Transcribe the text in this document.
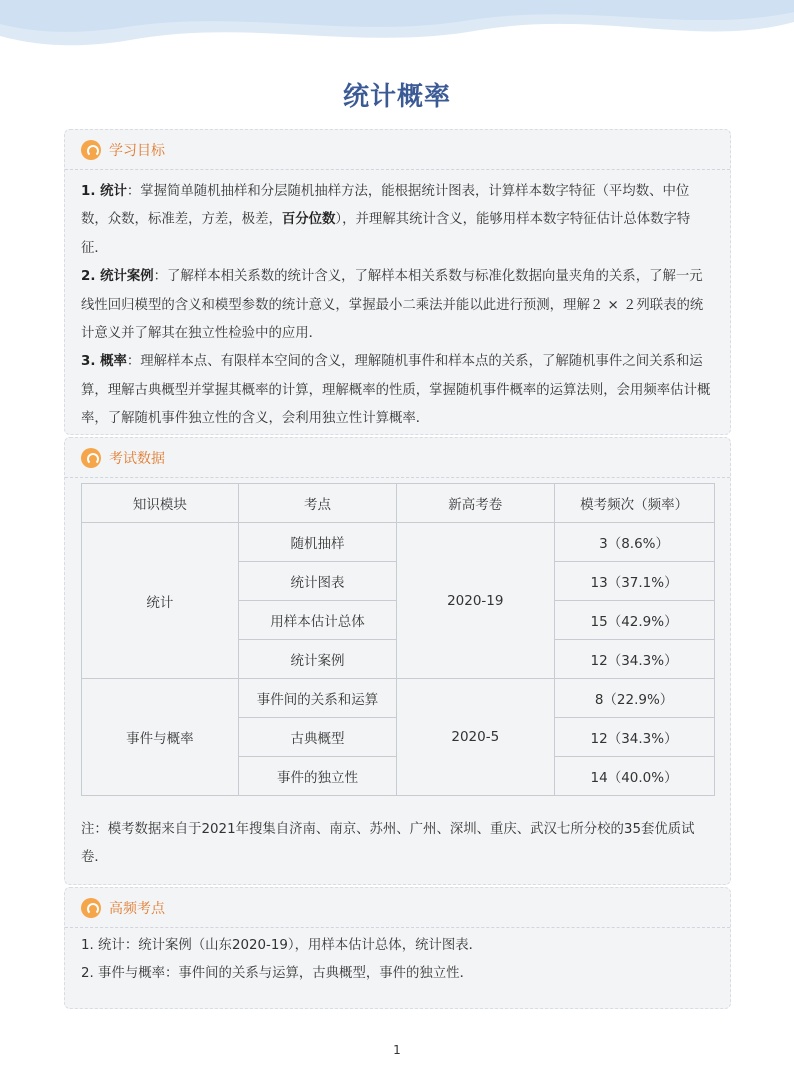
统计概率
学习目标

1. 统计：掌握简单随机抽样和分层随机抽样方法，能根据统计图表，计算样本数字特征（平均数、中位数，众数，标准差，方差，极差，百分位数），并理解其统计含义，能够用样本数字特征估计总体数字特征．

2. 统计案例：了解样本相关系数的统计含义，了解样本相关系数与标准化数据向量夹角的关系，了解一元线性回归模型的含义和模型参数的统计意义，掌握最小二乘法并能以此进行预测，理解２ × ２列联表的统计意义并了解其在独立性检验中的应用．

3. 概率：理解样本点、有限样本空间的含义，理解随机事件和样本点的关系，了解随机事件之间关系和运算，理解古典概型并掌握其概率的计算，理解概率的性质，掌握随机事件概率的运算法则，会用频率估计概率，了解随机事件独立性的含义，会利用独立性计算概率．

考试数据
知识模块	考点	新高考卷	模考频次（频率）
统计	随机抽样	2020-19	3（8.6%）
	统计图表		13（37.1%）
	用样本估计总体		15（42.9%）
	统计案例		12（34.3%）
事件与概率	事件间的关系和运算	2020-5	8（22.9%）
	古典概型		12（34.3%）
	事件的独立性		14（40.0%）
注：模考数据来自于2021年搜集自济南、南京、苏州、广州、深圳、重庆、武汉七所分校的35套优质试卷．
高频考点

1. 统计：统计案例（山东2020-19），用样本估计总体，统计图表．

2. 事件与概率：事件间的关系与运算，古典概型，事件的独立性．

1
